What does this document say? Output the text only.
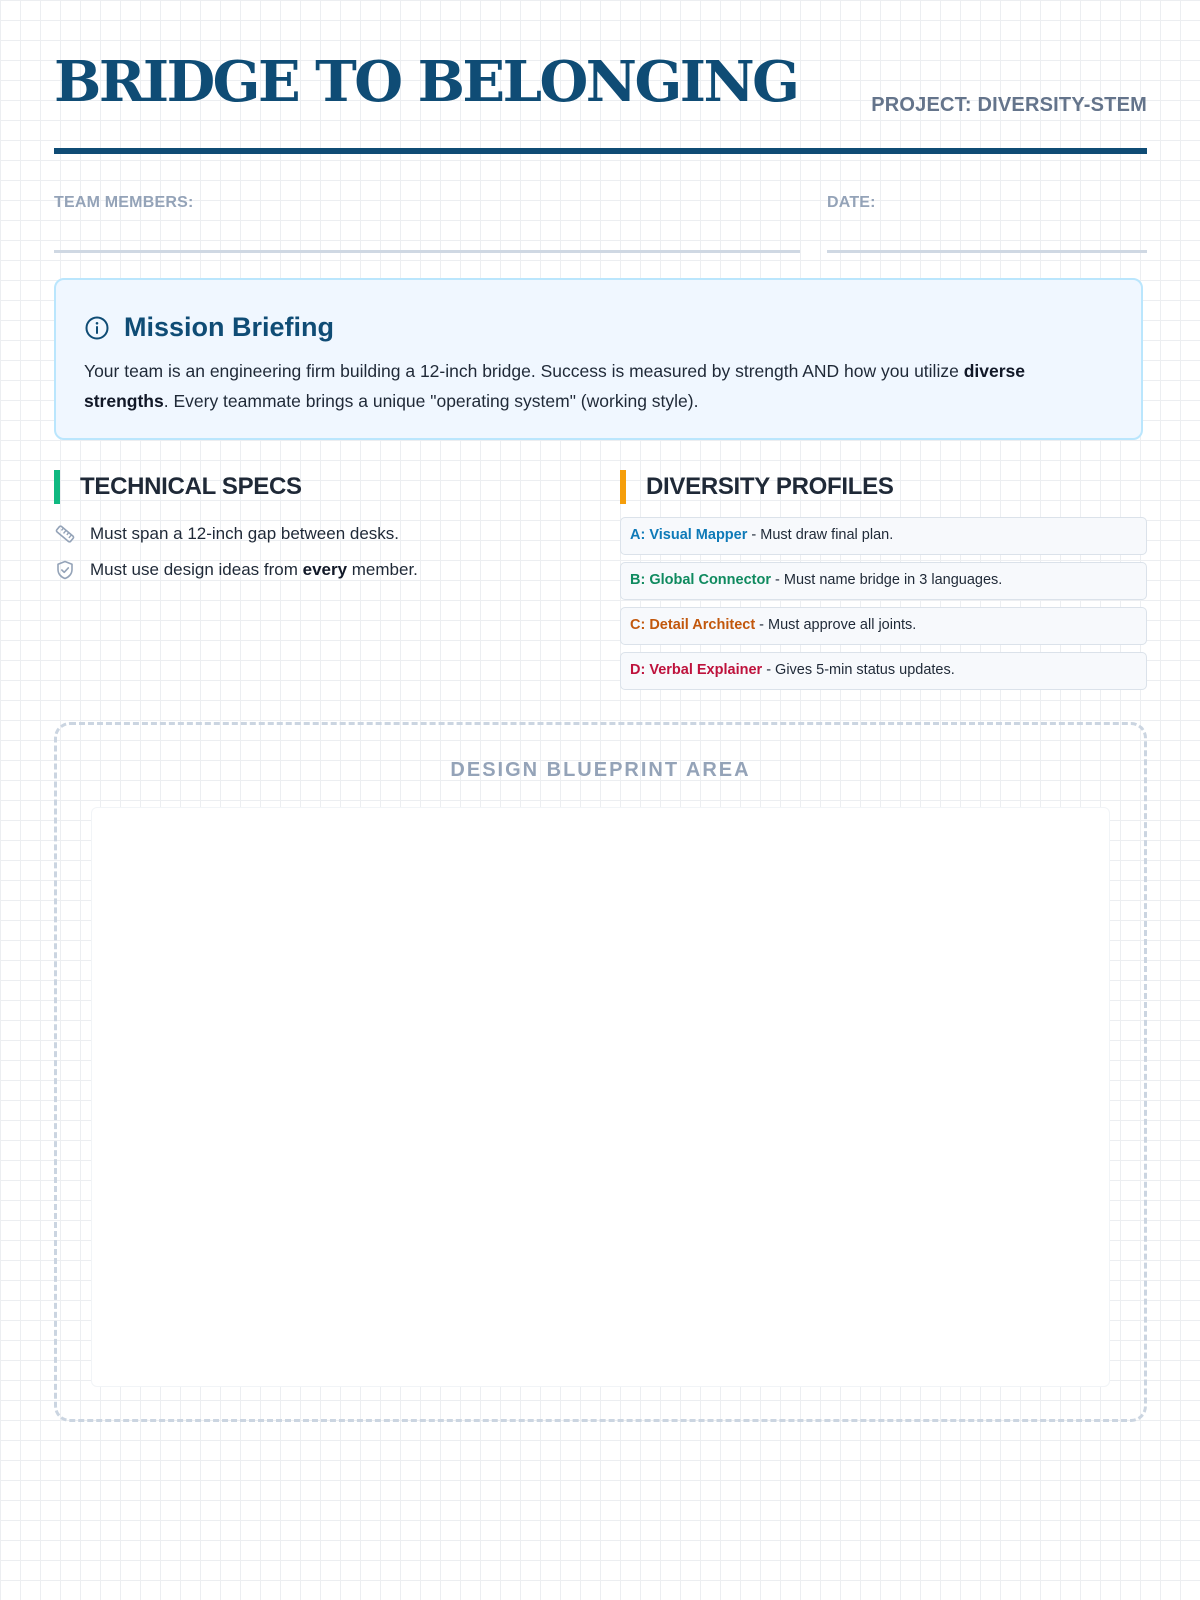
BRIDGE TO BELONGING	PROJECT: DIVERSITY-STEM
TEAM MEMBERS:	DATE:
Mission Briefing

Your team is an engineering firm building a 12-inch bridge. Success is measured by strength AND how you utilize diverse strengths. Every teammate brings a unique "operating system" (working style).

TECHNICAL SPECS
Must span a 12-inch gap between desks.
Must use design ideas from every member.
DIVERSITY PROFILES
A: Visual Mapper - Must draw final plan.
B: Global Connector - Must name bridge in 3 languages.
C: Detail Architect - Must approve all joints.
D: Verbal Explainer - Gives 5-min status updates.
DESIGN BLUEPRINT AREA
